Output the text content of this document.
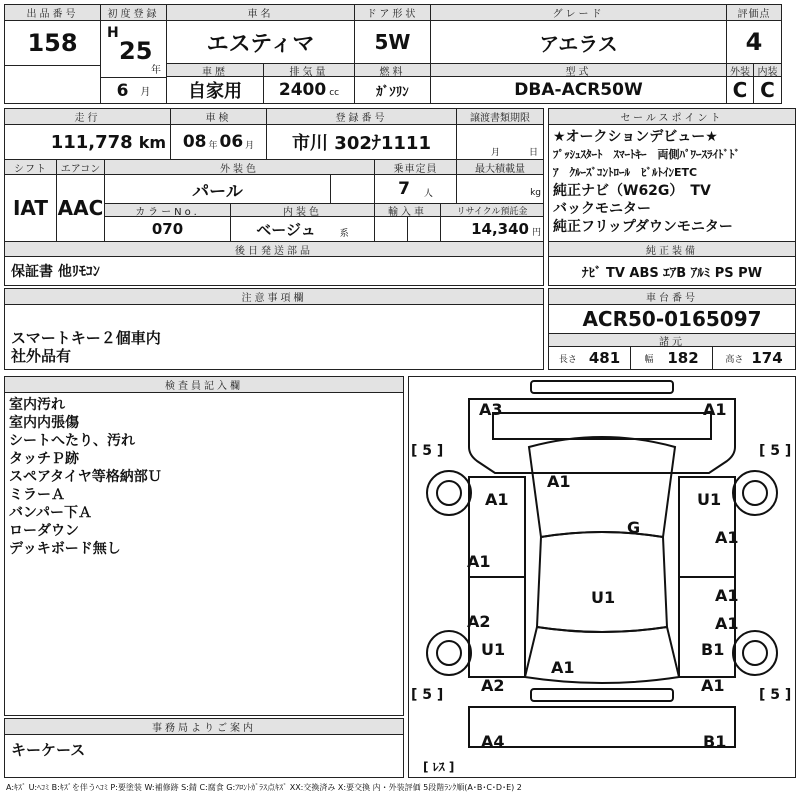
出品番号
158
初度登録
H
25
年
6 月
車名
エスティマ
車歴
自家用
排気量
2400 cc
ドア形状
5W
燃料
ｶﾞｿﾘﾝ
グレード
アエラス
型式
DBA-ACR50W
評価点
4
外装 内装
C C
走行
111,778 km
車検
08 年 06 月
登録番号
市川 302ﾅ1111
譲渡書類期限
月	日
シフト
IAT
エアコン
AAC
外装色
パール
乗車定員
7 人
最大積載量
kg
カラーNo.
070
内装色
ベージュ	系
輸入車	リサイクル預託金
14,340 円
後日発送部品
保証書 他ﾘﾓｺﾝ
セールスポイント
★オークションデビュー★
ﾌﾟｯｼｭｽﾀｰﾄ　ｽﾏｰﾄｷｰ　両側ﾊﾟﾜｰｽﾗｲﾄﾞﾄﾞ
ｱ　ｸﾙｰｽﾞｺﾝﾄﾛｰﾙ　ﾋﾞﾙﾄｲﾝETC
純正ナビ（W62G）　TV
バックモニター
純正フリップダウンモニター
純正装備
ﾅﾋﾞ TV ABS ｴｱB ｱﾙﾐ PS PW
注意事項欄
スマートキー２個車内
社外品有
車台番号
ACR50-0165097
諸元
長さ 481	幅 182	高さ 174
検査員記入欄
室内汚れ
室内内張傷
シートへたり、汚れ
タッチＰ跡
スペアタイヤ等格納部Ｕ
ミラーＡ
バンパー下Ａ
ローダウン
デッキボード無し
事務局よりご案内
キーケース
A3	A1
A1
A1	U1
G
A1
A1
A1
U1
A1
A2
U1	B1
A1
A2
A1
A4	B1
[ 5 ]	[ 5 ]
[ 5 ]	[ 5 ]
[ ﾚｽ ]
A:ｷｽﾞ U:ﾍｺﾐ B:ｷｽﾞを伴うﾍｺﾐ P:要塗装 W:補修跡 S:錆 C:腐食 G:ﾌﾛﾝﾄｶﾞﾗｽ点ｷｽﾞ XX:交換済み X:要交換 内・外装評価 5段階ﾗﾝｸ順(A･B･C･D･E) 2
